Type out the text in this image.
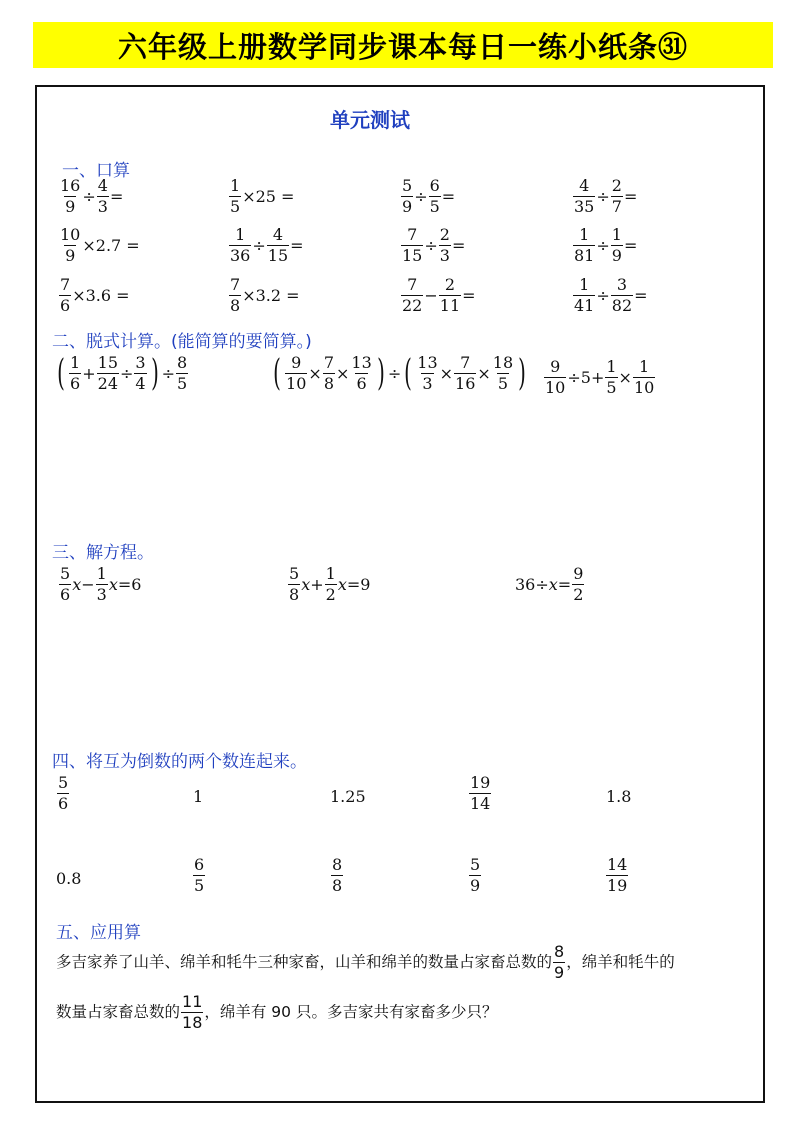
六年级上册数学同步课本每日一练小纸条㉛
单元测试
一、口算
$\frac{16}{9} \div \frac{4}{3}$ =	$\frac{1}{5} \times 25$ =	$\frac{5}{9} \div \frac{6}{5}$ =	$\frac{4}{35} \div \frac{2}{7}$ =
$\frac{10}{9} \times 2.7$ =	$\frac{1}{36} \div \frac{4}{15}$ =	$\frac{7}{15} \div \frac{2}{3}$ =	$\frac{1}{81} \div \frac{1}{9}$ =
$\frac{7}{6} \times 3.6$ =	$\frac{7}{8} \times 3.2$ =	$\frac{7}{22} - \frac{2}{11}$ =	$\frac{1}{41} \div \frac{3}{82}$ =
二、脱式计算。(能简算的要简算。)
( $\frac{1}{6} + \frac{15}{24} \div \frac{3}{4}$ ) ÷ $\frac{8}{5}$ ( $\frac{9}{10} \times \frac{7}{8} \times \frac{13}{6}$ ) ÷( $\frac{13}{3} \times \frac{7}{16} \times \frac{18}{5}$ ) $\frac{9}{10} \div 5+ \frac{1}{5} \times \frac{1}{10}$
三、解方程。
$\frac{5}{6} x- \frac{1}{3} x=6$	$\frac{5}{8} x+ \frac{1}{2} x=9$	$36\div x= \frac{9}{2}$
四、将互为倒数的两个数连起来。
$\frac{5}{6}$	1	1.25	$\frac{19}{14}$	1.8
0.8	$\frac{6}{5}$	$\frac{8}{8}$	$\frac{5}{9}$	$\frac{14}{19}$
五、应用算
多吉家养了山羊、绵羊和牦牛三种家畜，山羊和绵羊的数量占家畜总数的 $\frac{8}{9}$ ，绵羊和牦牛的
数量占家畜总数的 $\frac{11}{18}$ ，绵羊有 90 只。多吉家共有家畜多少只？
